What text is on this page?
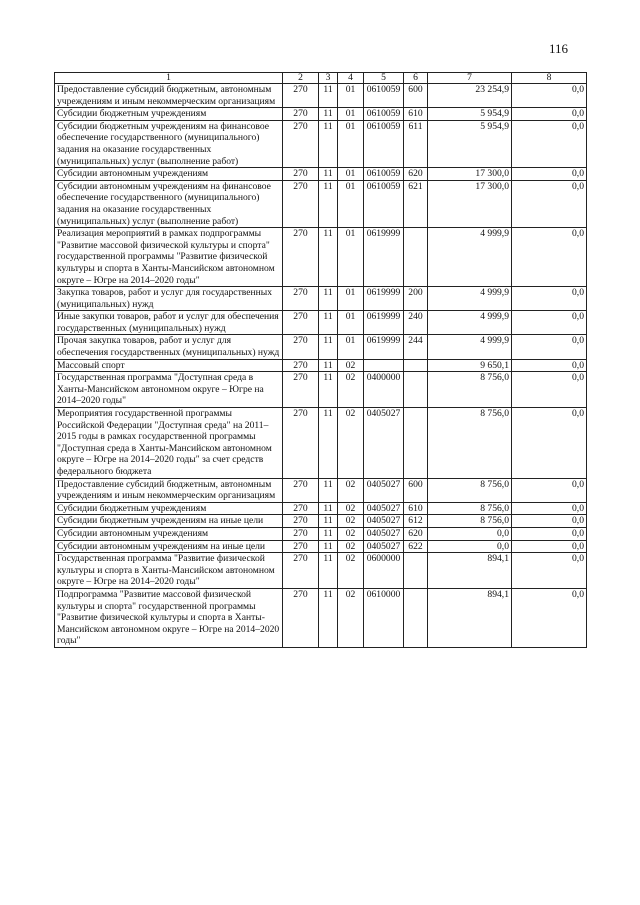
116
1	2	3	4	5	6	7	8
Предоставление субсидий бюджетным, автономным учреждениям и иным некоммерческим организациям	270	11	01	0610059	600	23 254,9	0,0
Субсидии бюджетным учреждениям	270	11	01	0610059	610	5 954,9	0,0
Субсидии бюджетным учреждениям на финансовое обеспечение государственного (муниципального) задания на оказание государственных (муниципальных) услуг (выполнение работ)	270	11	01	0610059	611	5 954,9	0,0
Субсидии автономным учреждениям	270	11	01	0610059	620	17 300,0	0,0
Субсидии автономным учреждениям на финансовое обеспечение государственного (муниципального) задания на оказание государственных (муниципальных) услуг (выполнение работ)	270	11	01	0610059	621	17 300,0	0,0
Реализация мероприятий в рамках подпрограммы "Развитие массовой физической культуры и спорта" государственной программы "Развитие физической культуры и спорта в Ханты-Мансийском автономном округе – Югре на 2014–2020 годы"	270	11	01	0619999		4 999,9	0,0
Закупка товаров, работ и услуг для государственных (муниципальных) нужд	270	11	01	0619999	200	4 999,9	0,0
Иные закупки товаров, работ и услуг для обеспечения государственных (муниципальных) нужд	270	11	01	0619999	240	4 999,9	0,0
Прочая закупка товаров, работ и услуг для обеспечения государственных (муниципальных) нужд	270	11	01	0619999	244	4 999,9	0,0
Массовый спорт	270	11	02			9 650,1	0,0
Государственная программа "Доступная среда в Ханты-Мансийском автономном округе – Югре на 2014–2020 годы"	270	11	02	0400000		8 756,0	0,0
Мероприятия государственной программы Российской Федерации "Доступная среда" на 2011–2015 годы в рамках государственной программы "Доступная среда в Ханты-Мансийском автономном округе – Югре на 2014–2020 годы" за счет средств федерального бюджета	270	11	02	0405027		8 756,0	0,0
Предоставление субсидий бюджетным, автономным учреждениям и иным некоммерческим организациям	270	11	02	0405027	600	8 756,0	0,0
Субсидии бюджетным учреждениям	270	11	02	0405027	610	8 756,0	0,0
Субсидии бюджетным учреждениям на иные цели	270	11	02	0405027	612	8 756,0	0,0
Субсидии автономным учреждениям	270	11	02	0405027	620	0,0	0,0
Субсидии автономным учреждениям на иные цели	270	11	02	0405027	622	0,0	0,0
Государственная программа "Развитие физической культуры и спорта в Ханты-Мансийском автономном округе – Югре на 2014–2020 годы"	270	11	02	0600000		894,1	0,0
Подпрограмма "Развитие массовой физической культуры и спорта" государственной программы "Развитие физической культуры и спорта в Ханты-Мансийском автономном округе – Югре на 2014–2020 годы"	270	11	02	0610000		894,1	0,0
